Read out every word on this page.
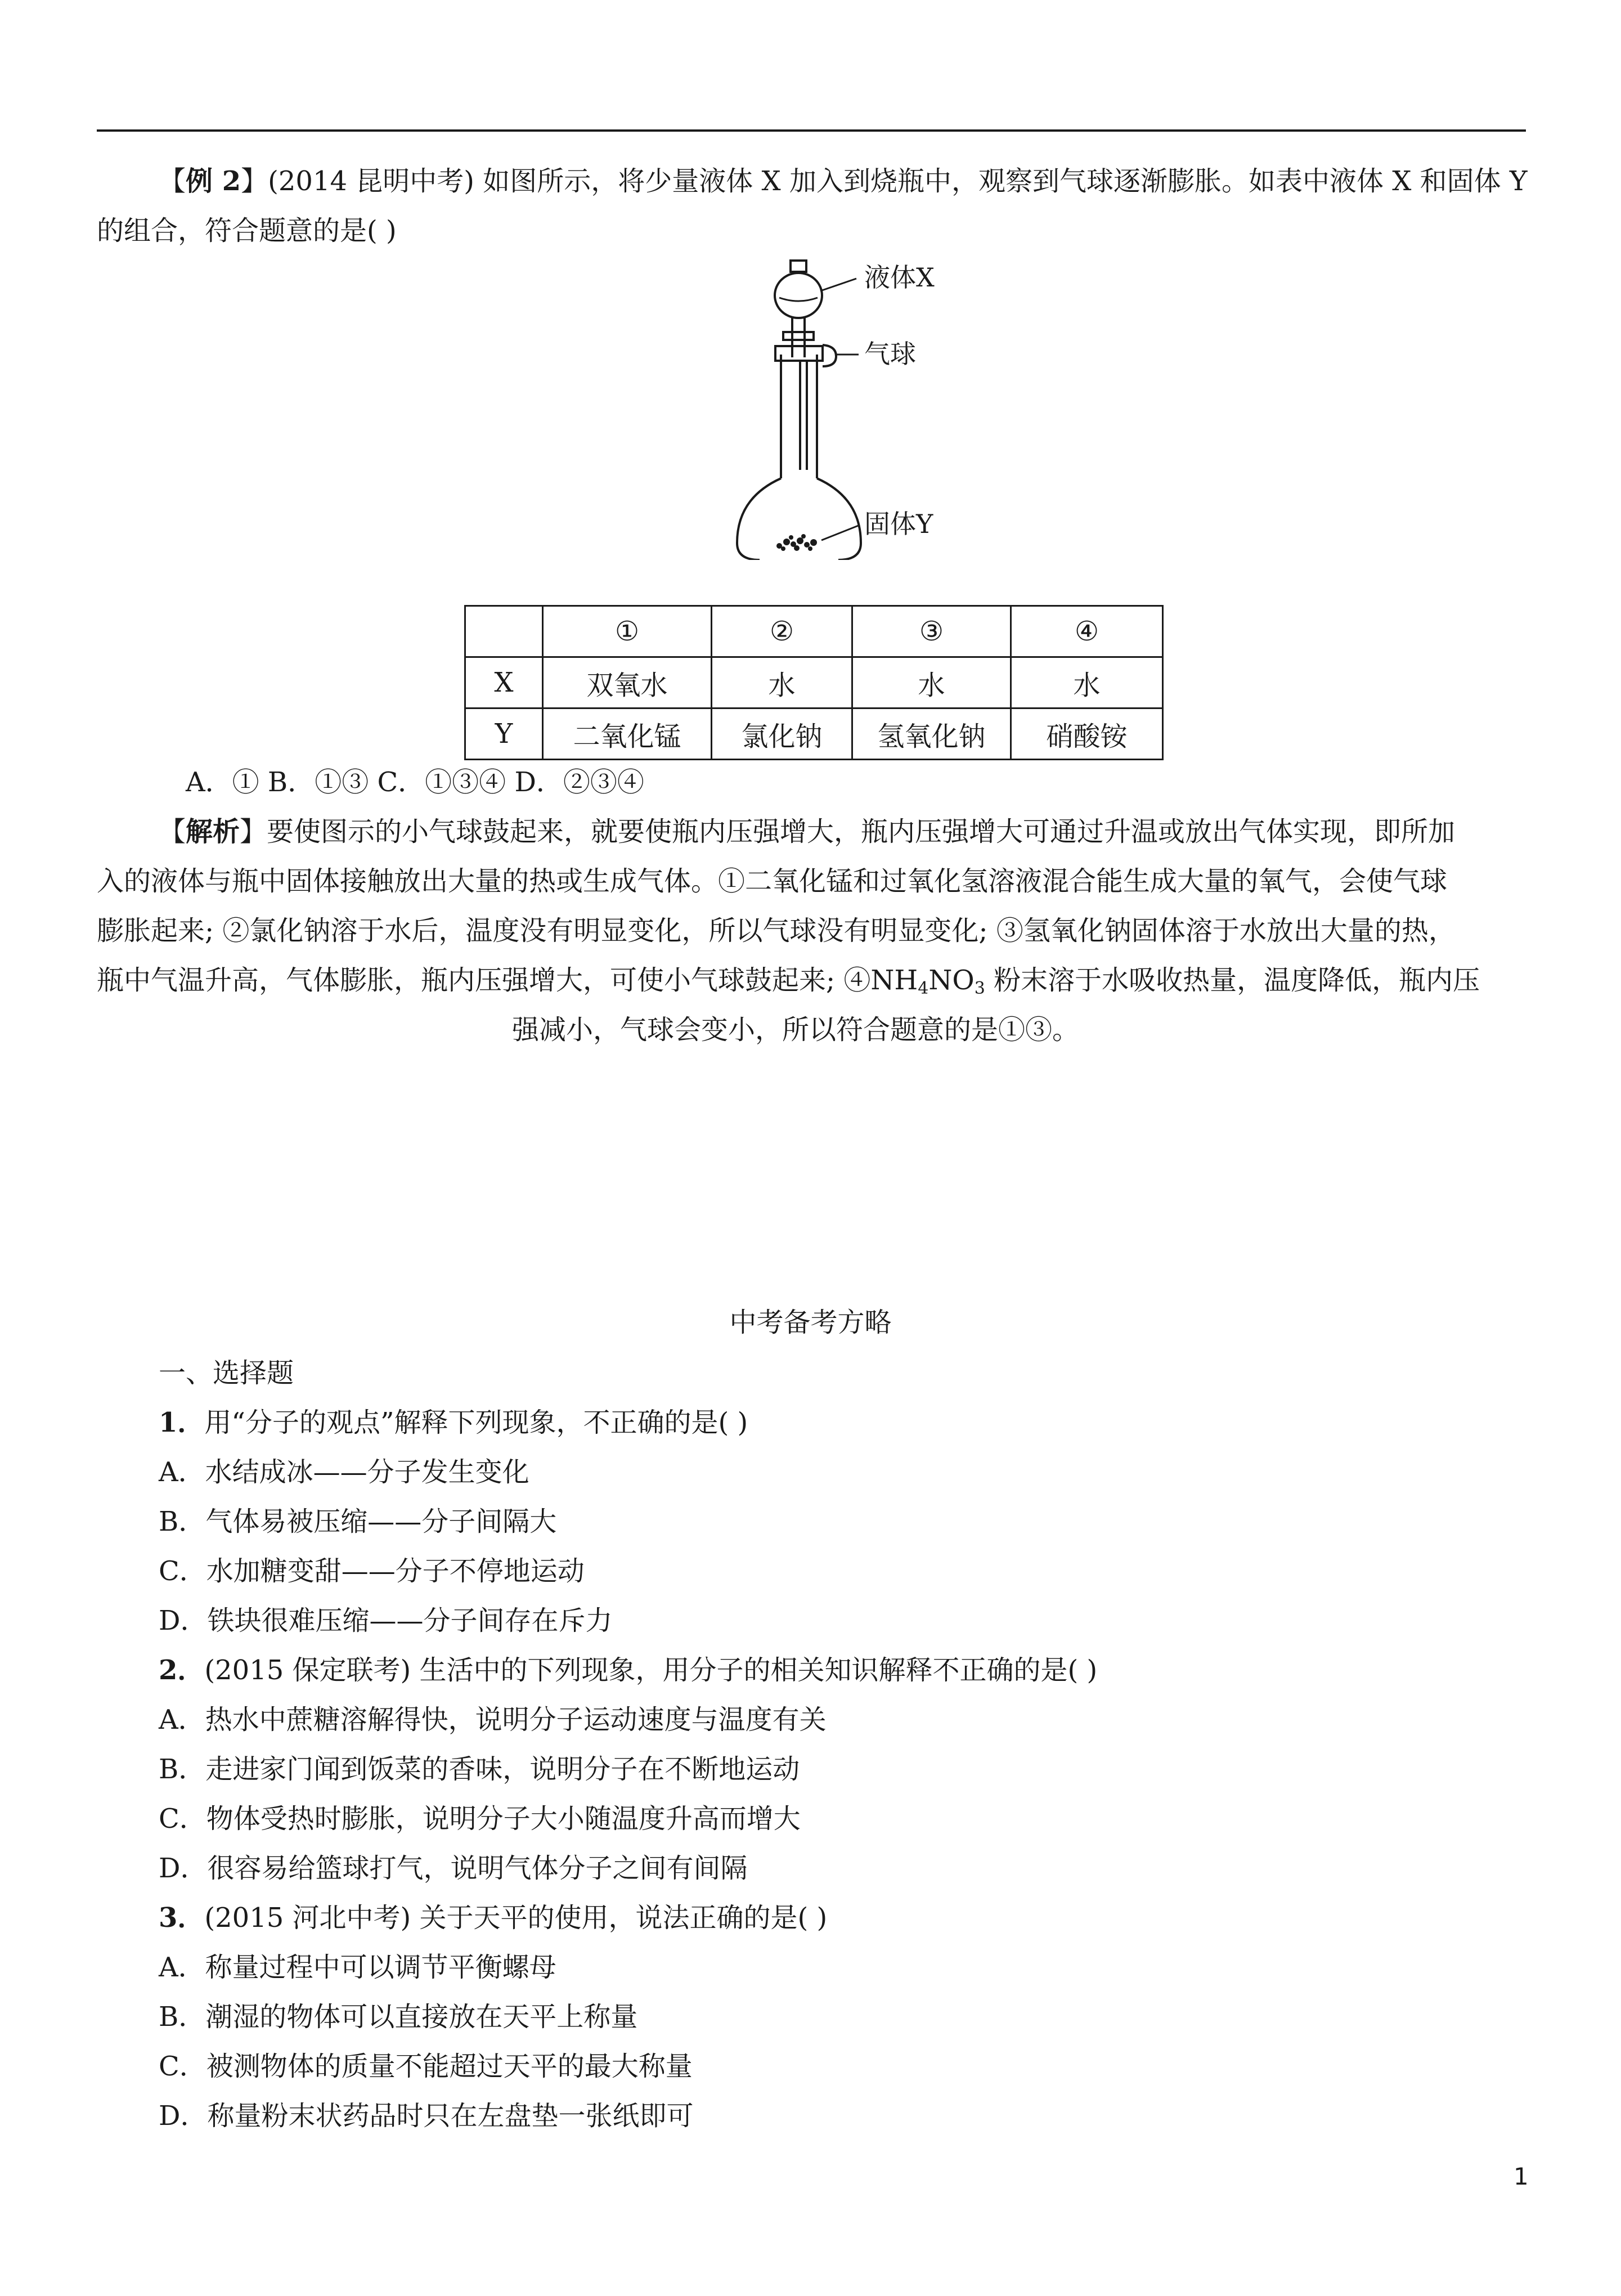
【例 2】(2014 昆明中考) 如图所示，将少量液体 X 加入到烧瓶中，观察到气球逐渐膨胀。如表中液体 X 和固体 Y
的组合，符合题意的是( )
液体X
气球
固体Y
	①	②	③	④
X	双氧水	水	水	水
Y	二氧化锰	氯化钠	氢氧化钠	硝酸铵
A．① B．①③ C．①③④ D．②③④
【解析】要使图示的小气球鼓起来，就要使瓶内压强增大，瓶内压强增大可通过升温或放出气体实现，即所加
入的液体与瓶中固体接触放出大量的热或生成气体。①二氧化锰和过氧化氢溶液混合能生成大量的氧气，会使气球
膨胀起来; ②氯化钠溶于水后，温度没有明显变化，所以气球没有明显变化; ③氢氧化钠固体溶于水放出大量的热，
瓶中气温升高，气体膨胀，瓶内压强增大，可使小气球鼓起来; $④NH_4NO_3$ 粉末溶于水吸收热量，温度降低，瓶内压
强减小，气球会变小，所以符合题意的是①③。
中考备考方略
一、选择题
1．用“分子的观点”解释下列现象，不正确的是( )
A．水结成冰——分子发生变化
B．气体易被压缩——分子间隔大
C．水加糖变甜——分子不停地运动
D．铁块很难压缩——分子间存在斥力
2．(2015 保定联考) 生活中的下列现象，用分子的相关知识解释不正确的是( )
A．热水中蔗糖溶解得快，说明分子运动速度与温度有关
B．走进家门闻到饭菜的香味，说明分子在不断地运动
C．物体受热时膨胀，说明分子大小随温度升高而增大
D．很容易给篮球打气，说明气体分子之间有间隔
3．(2015 河北中考) 关于天平的使用，说法正确的是( )
A．称量过程中可以调节平衡螺母
B．潮湿的物体可以直接放在天平上称量
C．被测物体的质量不能超过天平的最大称量
D．称量粉末状药品时只在左盘垫一张纸即可
1
